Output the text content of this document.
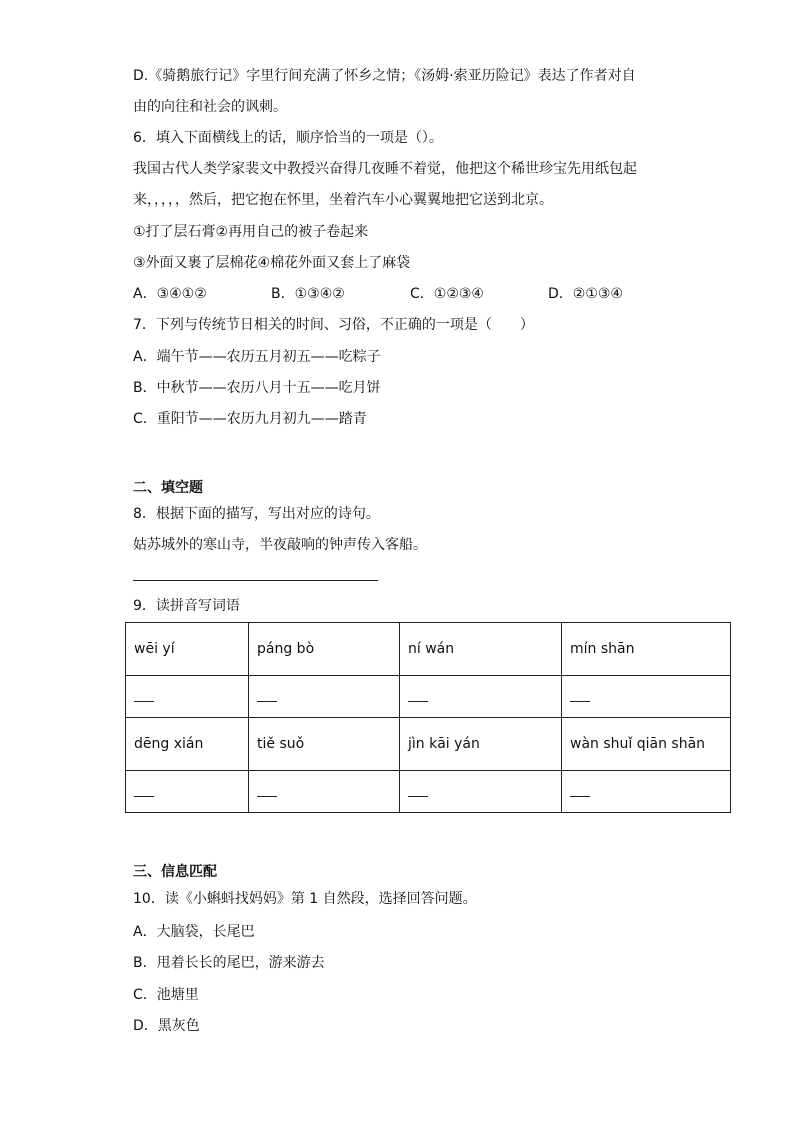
D.《骑鹅旅行记》字里行间充满了怀乡之情；《汤姆·索亚历险记》表达了作者对自
由的向往和社会的讽刺。
6．填入下面横线上的话，顺序恰当的一项是（）。
我国古代人类学家裴文中教授兴奋得几夜睡不着觉，他把这个稀世珍宝先用纸包起
来，，，，，然后，把它抱在怀里，坐着汽车小心翼翼地把它送到北京。
①打了层石膏②再用自己的被子卷起来
③外面又裹了层棉花④棉花外面又套上了麻袋
A．③④①②	B．①③④②	C．①②③④	D．②①③④
7．下列与传统节日相关的时间、习俗，不正确的一项是（　　）
A．端午节——农历五月初五——吃粽子
B．中秋节——农历八月十五——吃月饼
C．重阳节——农历九月初九——踏青
二、填空题
8．根据下面的描写，写出对应的诗句。
姑苏城外的寒山寺，半夜敲响的钟声传入客船。
9．读拼音写词语
wēi yí	páng bò	ní wán	mín shān

dēng xián	tiě suǒ	jìn kāi yán	wàn shuǐ qiān shān

三、信息匹配
10．读《小蝌蚪找妈妈》第 1 自然段，选择回答问题。
A．大脑袋，长尾巴
B．甩着长长的尾巴，游来游去
C．池塘里
D．黑灰色
